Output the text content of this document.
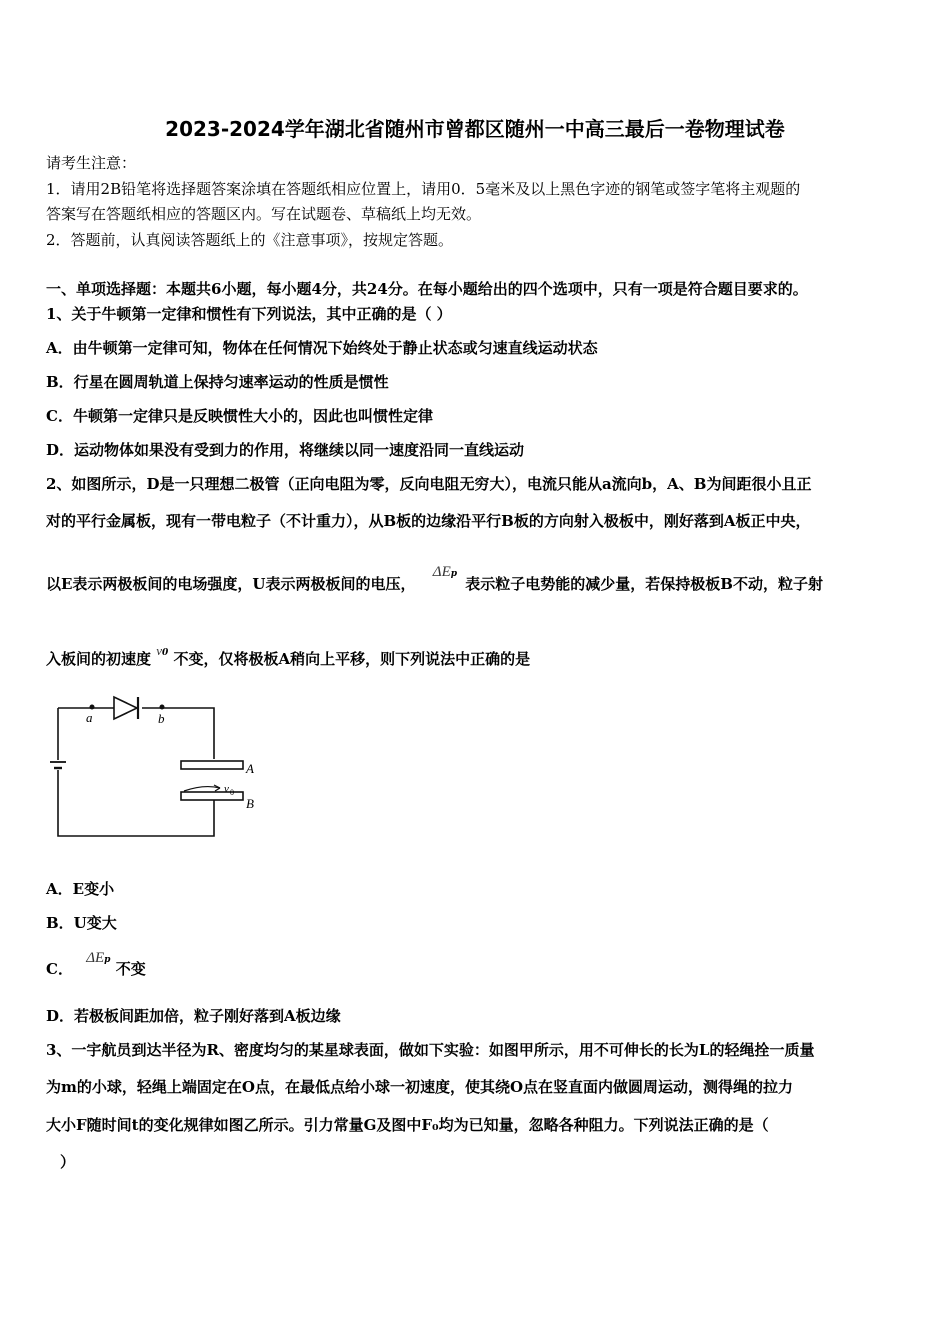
2023-2024学年湖北省随州市曾都区随州一中高三最后一卷物理试卷
请考生注意：
1．请用2B铅笔将选择题答案涂填在答题纸相应位置上，请用0．5毫米及以上黑色字迹的钢笔或签字笔将主观题的
答案写在答题纸相应的答题区内。写在试题卷、草稿纸上均无效。
2．答题前，认真阅读答题纸上的《注意事项》，按规定答题。
一、单项选择题：本题共6小题，每小题4分，共24分。在每小题给出的四个选项中，只有一项是符合题目要求的。
1、关于牛顿第一定律和惯性有下列说法，其中正确的是（ ）
A．由牛顿第一定律可知，物体在任何情况下始终处于静止状态或匀速直线运动状态
B．行星在圆周轨道上保持匀速率运动的性质是惯性
C．牛顿第一定律只是反映惯性大小的，因此也叫惯性定律
D．运动物体如果没有受到力的作用，将继续以同一速度沿同一直线运动
2、如图所示，D是一只理想二极管（正向电阻为零，反向电阻无穷大），电流只能从a流向b，A、B为间距很小且正
对的平行金属板，现有一带电粒子（不计重力），从B板的边缘沿平行B板的方向射入极板中，刚好落到A板正中央，
以E表示两极板间的电场强度，U表示两极板间的电压， ΔEp 表示粒子电势能的减少量，若保持极板B不动，粒子射
入板间的初速度 v0 不变，仅将极板A稍向上平移，则下列说法中正确的是
a	b
A
B
v 0
A．E变小
B．U变大
C． ΔEp 不变
D．若极板间距加倍，粒子刚好落到A板边缘
3、一宇航员到达半径为R、密度均匀的某星球表面，做如下实验：如图甲所示，用不可伸长的长为L的轻绳拴一质量
为m的小球，轻绳上端固定在O点，在最低点给小球一初速度，使其绕O点在竖直面内做圆周运动，测得绳的拉力
大小F随时间t的变化规律如图乙所示。引力常量G及图中F₀均为已知量，忽略各种阻力。下列说法正确的是（
）
